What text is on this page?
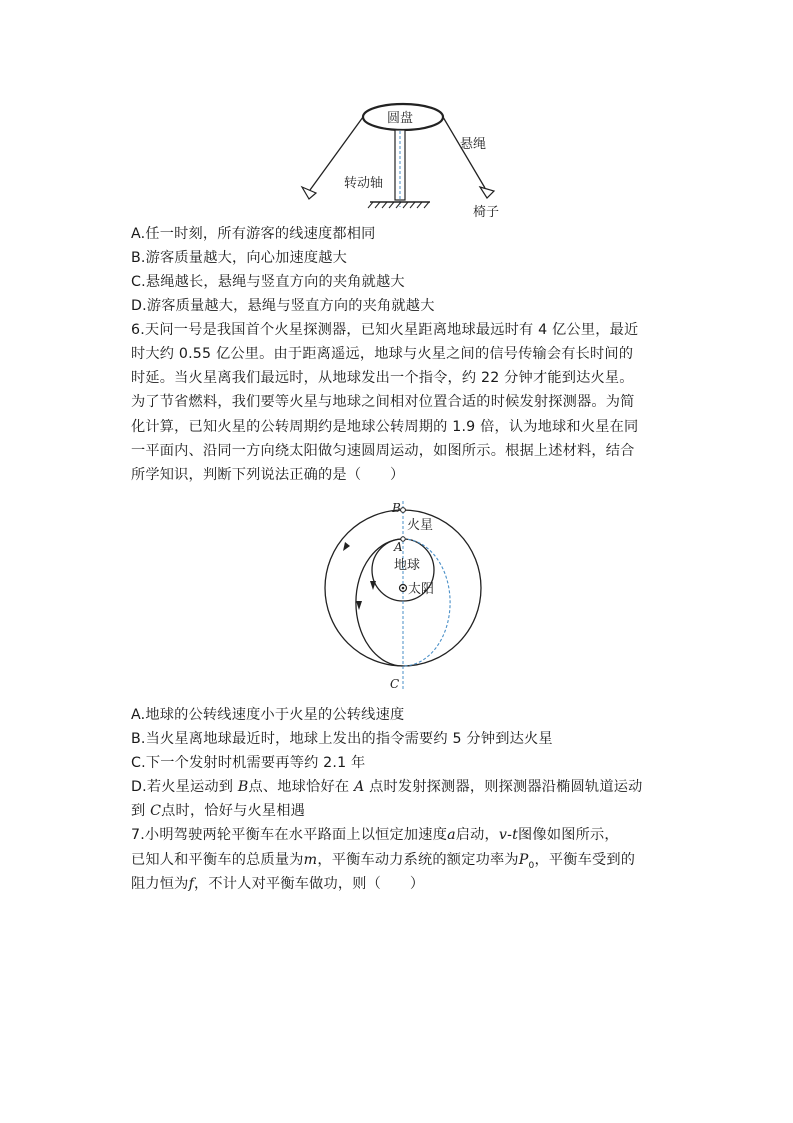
圆盘
悬绳
转动轴
椅子
A.任一时刻，所有游客的线速度都相同
B.游客质量越大，向心加速度越大
C.悬绳越长，悬绳与竖直方向的夹角就越大
D.游客质量越大，悬绳与竖直方向的夹角就越大
6.天问一号是我国首个火星探测器，已知火星距离地球最远时有 4 亿公里，最近
时大约 0.55 亿公里。由于距离遥远，地球与火星之间的信号传输会有长时间的
时延。当火星离我们最远时，从地球发出一个指令，约 22 分钟才能到达火星。
为了节省燃料，我们要等火星与地球之间相对位置合适的时候发射探测器。为简
化计算，已知火星的公转周期约是地球公转周期的 1.9 倍，认为地球和火星在同
一平面内、沿同一方向绕太阳做匀速圆周运动，如图所示。根据上述材料，结合
所学知识，判断下列说法正确的是（　　）
B
火星
A
地球
太阳
C
A.地球的公转线速度小于火星的公转线速度
B.当火星离地球最近时，地球上发出的指令需要约 5 分钟到达火星
C.下一个发射时机需要再等约 2.1 年
D.若火星运动到 B点、地球恰好在 A 点时发射探测器，则探测器沿椭圆轨道运动
到 C点时，恰好与火星相遇
7.小明驾驶两轮平衡车在水平路面上以恒定加速度a启动，v-t图像如图所示，
已知人和平衡车的总质量为m，平衡车动力系统的额定功率为$P_0$，平衡车受到的
阻力恒为f，不计人对平衡车做功，则（　　）
